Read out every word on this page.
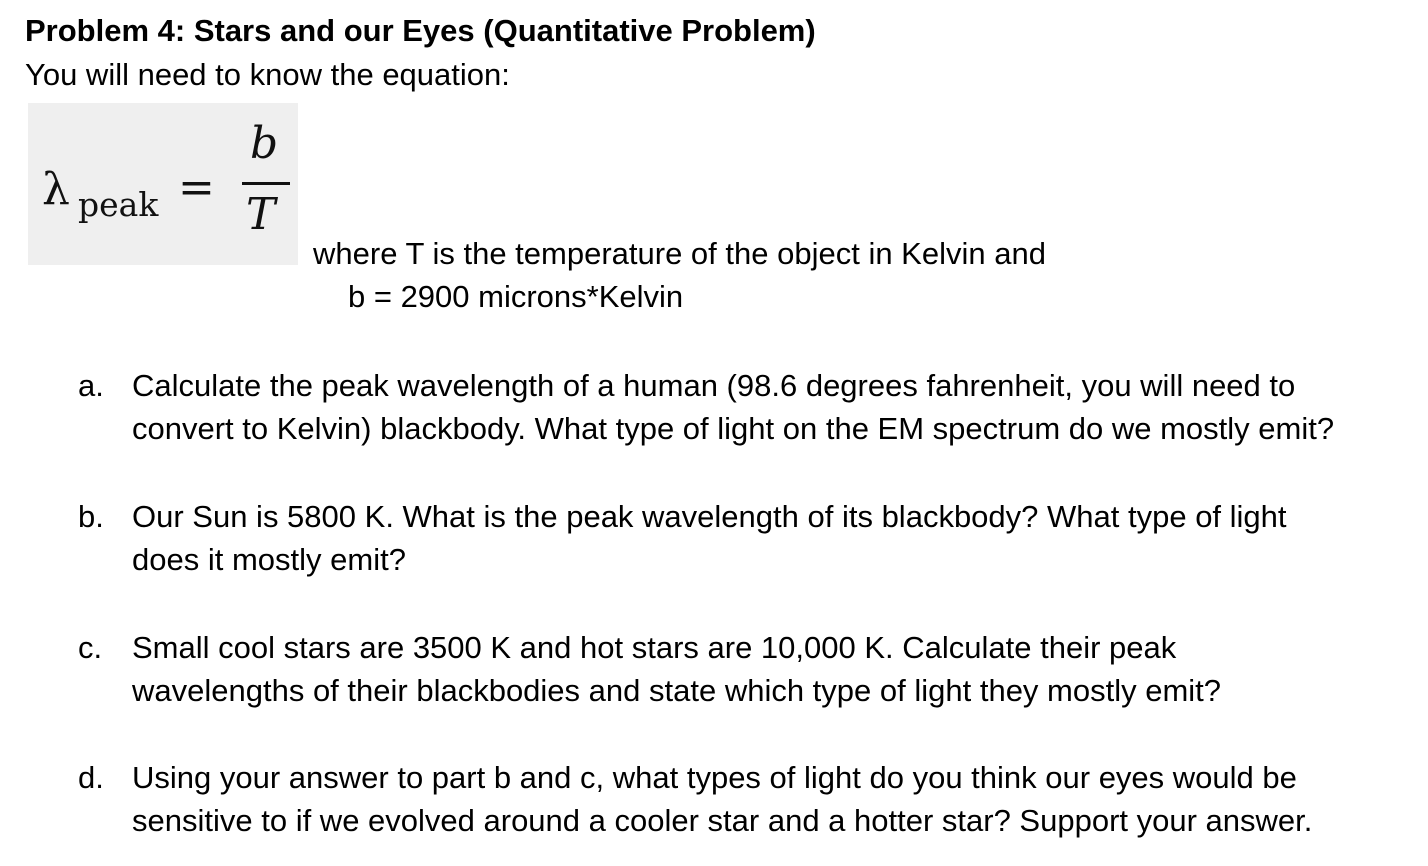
Problem 4: Stars and our Eyes (Quantitative Problem)
You will need to know the equation:
λ peak =
b
T
where T is the temperature of the object in Kelvin and
b = 2900 microns*Kelvin
a. Calculate the peak wavelength of a human (98.6 degrees fahrenheit, you will need to
convert to Kelvin) blackbody. What type of light on the EM spectrum do we mostly emit?
b. Our Sun is 5800 K. What is the peak wavelength of its blackbody? What type of light
does it mostly emit?
c. Small cool stars are 3500 K and hot stars are 10,000 K. Calculate their peak
wavelengths of their blackbodies and state which type of light they mostly emit?
d. Using your answer to part b and c, what types of light do you think our eyes would be
sensitive to if we evolved around a cooler star and a hotter star? Support your answer.
